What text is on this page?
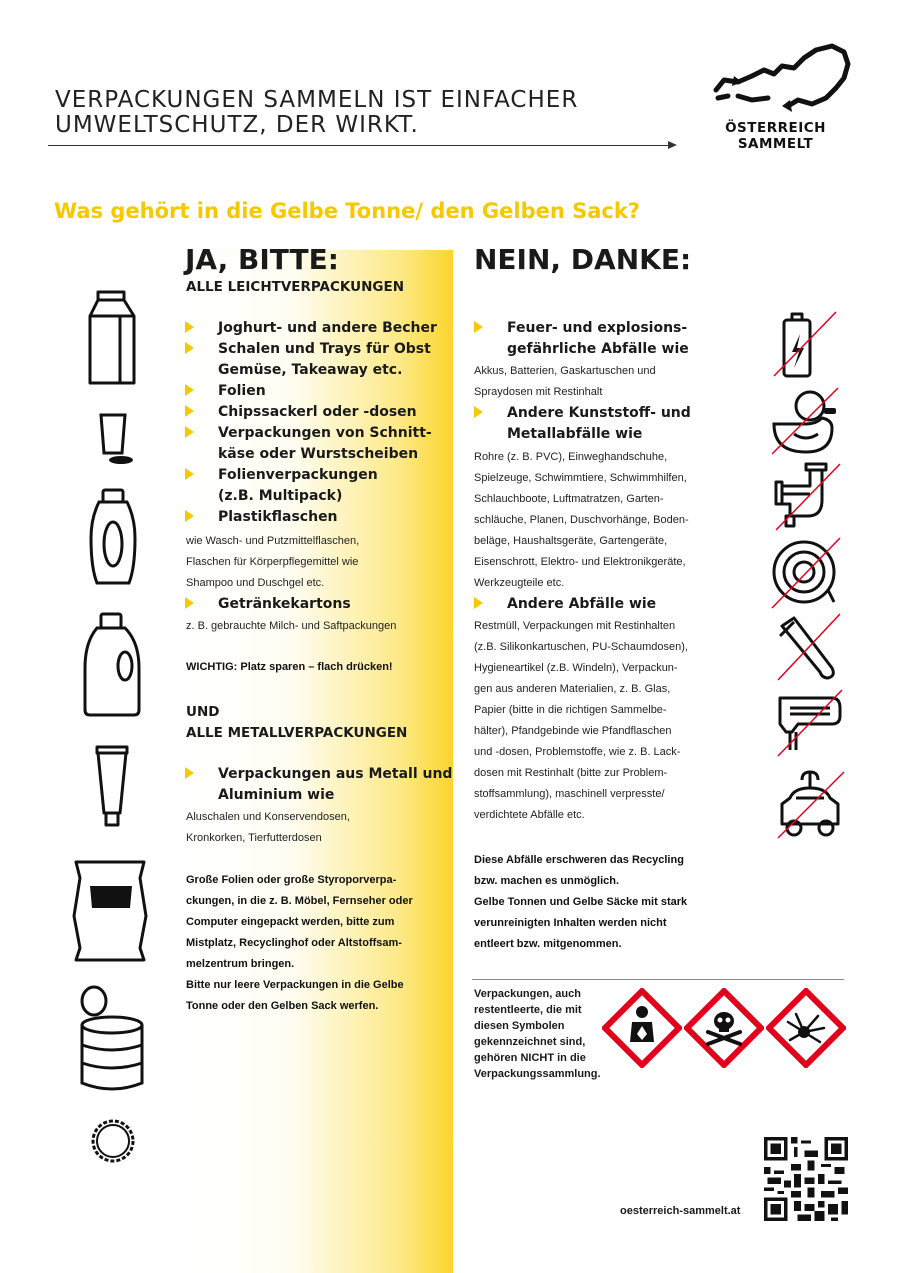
VERPACKUNGEN SAMMELN IST EINFACHER
UMWELTSCHUTZ, DER WIRKT.	ÖSTERREICH
SAMMELT
Was gehört in die Gelbe Tonne/ den Gelben Sack?
JA, BITTE:
ALLE LEICHTVERPACKUNGEN
Joghurt- und andere Becher
Schalen und Trays für Obst
Gemüse, Takeaway etc.
Folien
Chipssackerl oder -dosen
Verpackungen von Schnitt-
käse oder Wurstscheiben
Folienverpackungen
(z.B. Multipack)
Plastikflaschen
wie Wasch- und Putzmittelflaschen,
Flaschen für Körperpflegemittel wie
Shampoo und Duschgel etc.
Getränkekartons
z. B. gebrauchte Milch- und Saftpackungen
WICHTIG: Platz sparen – flach drücken!
UND
ALLE METALLVERPACKUNGEN
Verpackungen aus Metall und
Aluminium wie
Aluschalen und Konservendosen,
Kronkorken, Tierfutterdosen
Große Folien oder große Styroporverpa-
ckungen, in die z. B. Möbel, Fernseher oder
Computer eingepackt werden, bitte zum
Mistplatz, Recyclinghof oder Altstoffsam-
melzentrum bringen.
Bitte nur leere Verpackungen in die Gelbe
Tonne oder den Gelben Sack werfen.
NEIN, DANKE:
Feuer- und explosions-
gefährliche Abfälle wie
Akkus, Batterien, Gaskartuschen und
Spraydosen mit Restinhalt
Andere Kunststoff- und
Metallabfälle wie
Rohre (z. B. PVC), Einweghandschuhe,
Spielzeuge, Schwimmtiere, Schwimmhilfen,
Schlauchboote, Luftmatratzen, Garten-
schläuche, Planen, Duschvorhänge, Boden-
beläge, Haushaltsgeräte, Gartengeräte,
Eisenschrott, Elektro- und Elektronikgeräte,
Werkzeugteile etc.
Andere Abfälle wie
Restmüll, Verpackungen mit Restinhalten
(z.B. Silikonkartuschen, PU-Schaumdosen),
Hygieneartikel (z.B. Windeln), Verpackun-
gen aus anderen Materialien, z. B. Glas,
Papier (bitte in die richtigen Sammelbe-
hälter), Pfandgebinde wie Pfandflaschen
und -dosen, Problemstoffe, wie z. B. Lack-
dosen mit Restinhalt (bitte zur Problem-
stoffsammlung), maschinell verpresste/
verdichtete Abfälle etc.
Diese Abfälle erschweren das Recycling
bzw. machen es unmöglich.
Gelbe Tonnen und Gelbe Säcke mit stark
verunreinigten Inhalten werden nicht
entleert bzw. mitgenommen.
Verpackungen, auch
restentleerte, die mit
diesen Symbolen
gekennzeichnet sind,
gehören NICHT in die
Verpackungssammlung.
oesterreich-sammelt.at
